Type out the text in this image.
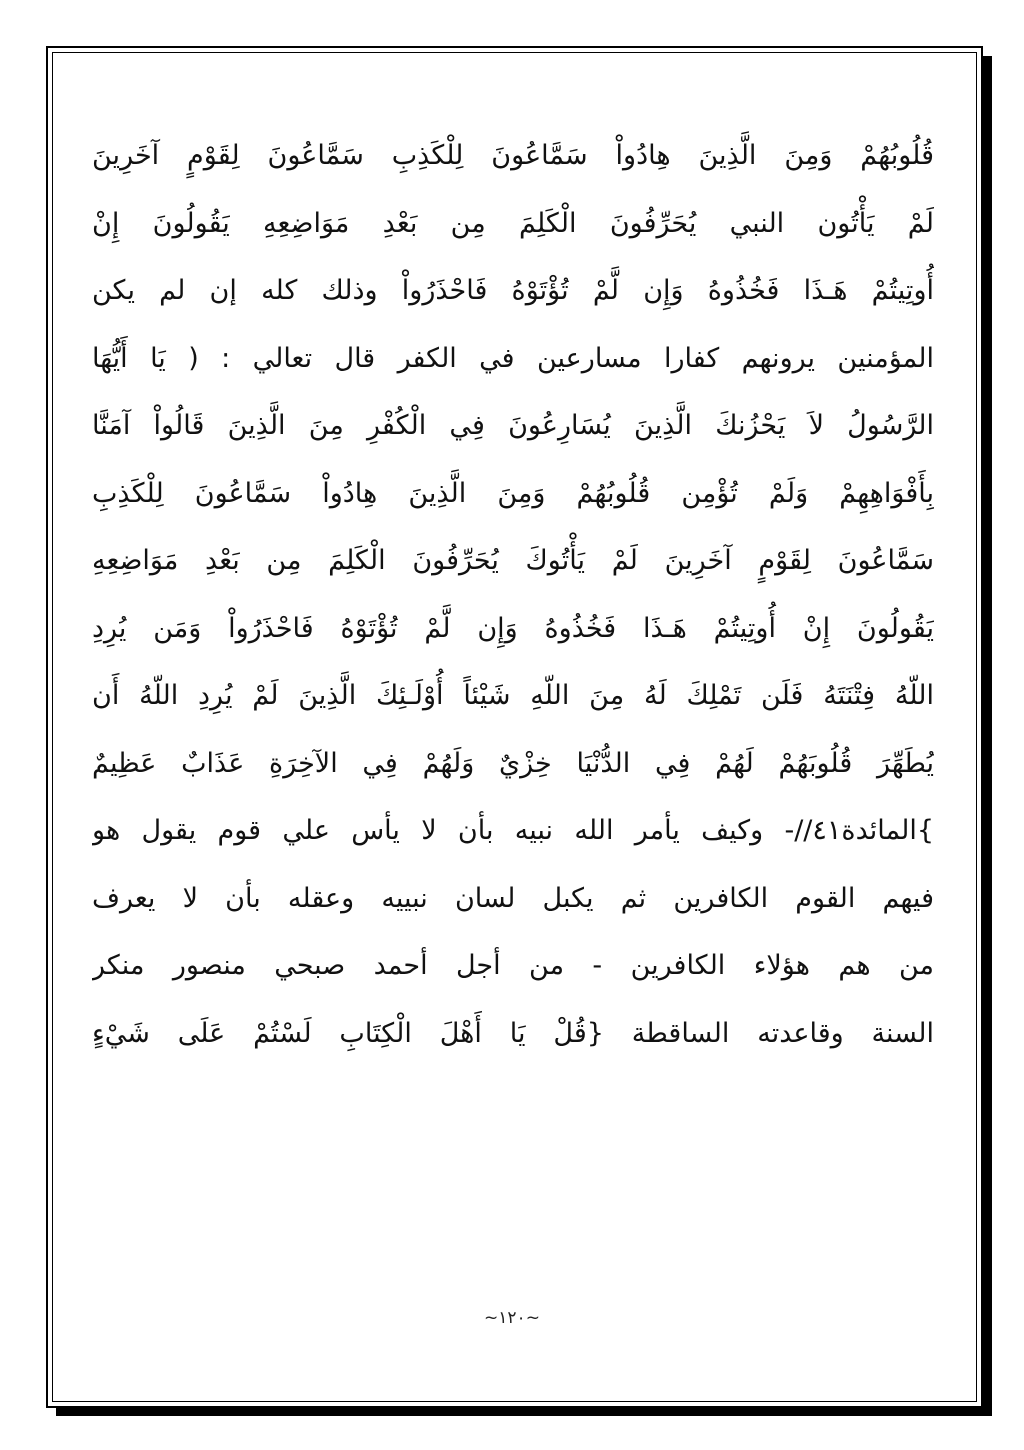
قُلُوبُهُمْ وَمِنَ الَّذِينَ هِادُواْ سَمَّاعُونَ لِلْكَذِبِ سَمَّاعُونَ لِقَوْمٍ آخَرِينَ
لَمْ يَأْتُون النبي يُحَرِّفُونَ الْكَلِمَ مِن بَعْدِ مَوَاضِعِهِ يَقُولُونَ إِنْ
أُوتِيتُمْ هَـذَا فَخُذُوهُ وَإِن لَّمْ تُؤْتَوْهُ فَاحْذَرُواْ وذلك كله إن لم يكن
المؤمنين يرونهم كفارا مسارعين في الكفر قال تعالي : ( يَا أَيُّهَا
الرَّسُولُ لاَ يَحْزُنكَ الَّذِينَ يُسَارِعُونَ فِي الْكُفْرِ مِنَ الَّذِينَ قَالُواْ آمَنَّا
بِأَفْوَاهِهِمْ وَلَمْ تُؤْمِن قُلُوبُهُمْ وَمِنَ الَّذِينَ هِادُواْ سَمَّاعُونَ لِلْكَذِبِ
سَمَّاعُونَ لِقَوْمٍ آخَرِينَ لَمْ يَأْتُوكَ يُحَرِّفُونَ الْكَلِمَ مِن بَعْدِ مَوَاضِعِهِ
يَقُولُونَ إِنْ أُوتِيتُمْ هَـذَا فَخُذُوهُ وَإِن لَّمْ تُؤْتَوْهُ فَاحْذَرُواْ وَمَن يُرِدِ
اللّهُ فِتْنَتَهُ فَلَن تَمْلِكَ لَهُ مِنَ اللّهِ شَيْئاً أُوْلَـئِكَ الَّذِينَ لَمْ يُرِدِ اللّهُ أَن
يُطَهِّرَ قُلُوبَهُمْ لَهُمْ فِي الدُّنْيَا خِزْيٌ وَلَهُمْ فِي الآخِرَةِ عَذَابٌ عَظِيمٌ
}المائدة٤١//- وكيف يأمر الله نبيه بأن لا يأس علي قوم يقول هو
فيهم القوم الكافرين ثم يكبل لسان نبييه وعقله بأن لا يعرف
من هم هؤلاء الكافرين - من أجل أحمد صبحي منصور منكر
السنة وقاعدته الساقطة {قُلْ يَا أَهْلَ الْكِتَابِ لَسْتُمْ عَلَى شَيْءٍ
~١٢٠~
